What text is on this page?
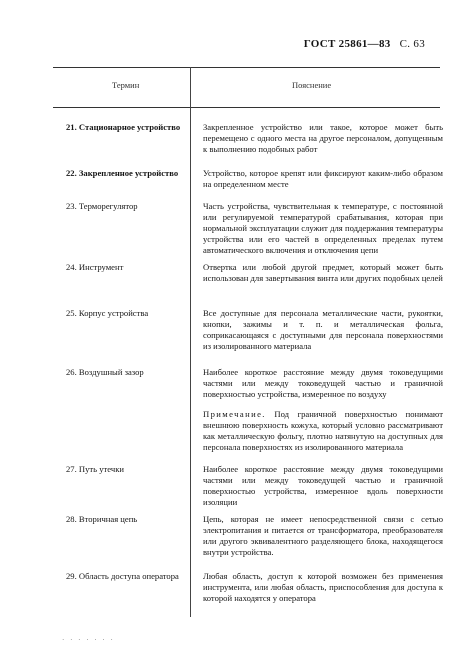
ГОСТ 25861—83 С. 63
Термин	Пояснение
21. Стационарное устройство	Закрепленное устройство или такое, которое может быть перемещено с одного места на другое персоналом, допущенным к выполнению подобных работ
22. Закрепленное устройство	Устройство, которое крепят или фиксируют каким-либо образом на определенном месте
23. Терморегулятор	Часть устройства, чувствительная к температуре, с постоянной или регулируемой температурой срабатывания, которая при нормальной эксплуатации служит для поддержания температуры устройства или его частей в определенных пределах путем автоматического включения и отключения цепи
24. Инструмент	Отвертка или любой другой предмет, который может быть использован для завертывания винта или других подобных целей
25. Корпус устройства	Все доступные для персонала металлические части, рукоятки, кнопки, зажимы и т. п. и металлическая фольга, соприкасающаяся с доступными для персонала поверхностями из изолированного материала
26. Воздушный зазор	Наиболее короткое расстояние между двумя токоведущими частями или между токоведущей частью и граничной поверхностью устройства, измеренное по воздуху
Примечание. Под граничной поверхностью понимают внешнюю поверхность кожуха, который условно рассматривают как металлическую фольгу, плотно натянутую на доступных для персонала поверхностях из изолированного материала
27. Путь утечки	Наиболее короткое расстояние между двумя токоведущими частями или между токоведущей частью и граничной поверхностью устройства, измеренное вдоль поверхности изоляции
28. Вторичная цепь	Цепь, которая не имеет непосредственной связи с сетью электропитания и питается от трансформатора, преобразователя или другого эквивалентного разделяющего блока, находящегося внутри устройства.
29. Область доступа оператора	Любая область, доступ к которой возможен без применения инструмента, или любая область, приспособления для доступа к которой находятся у оператора
· · · · · · ·
